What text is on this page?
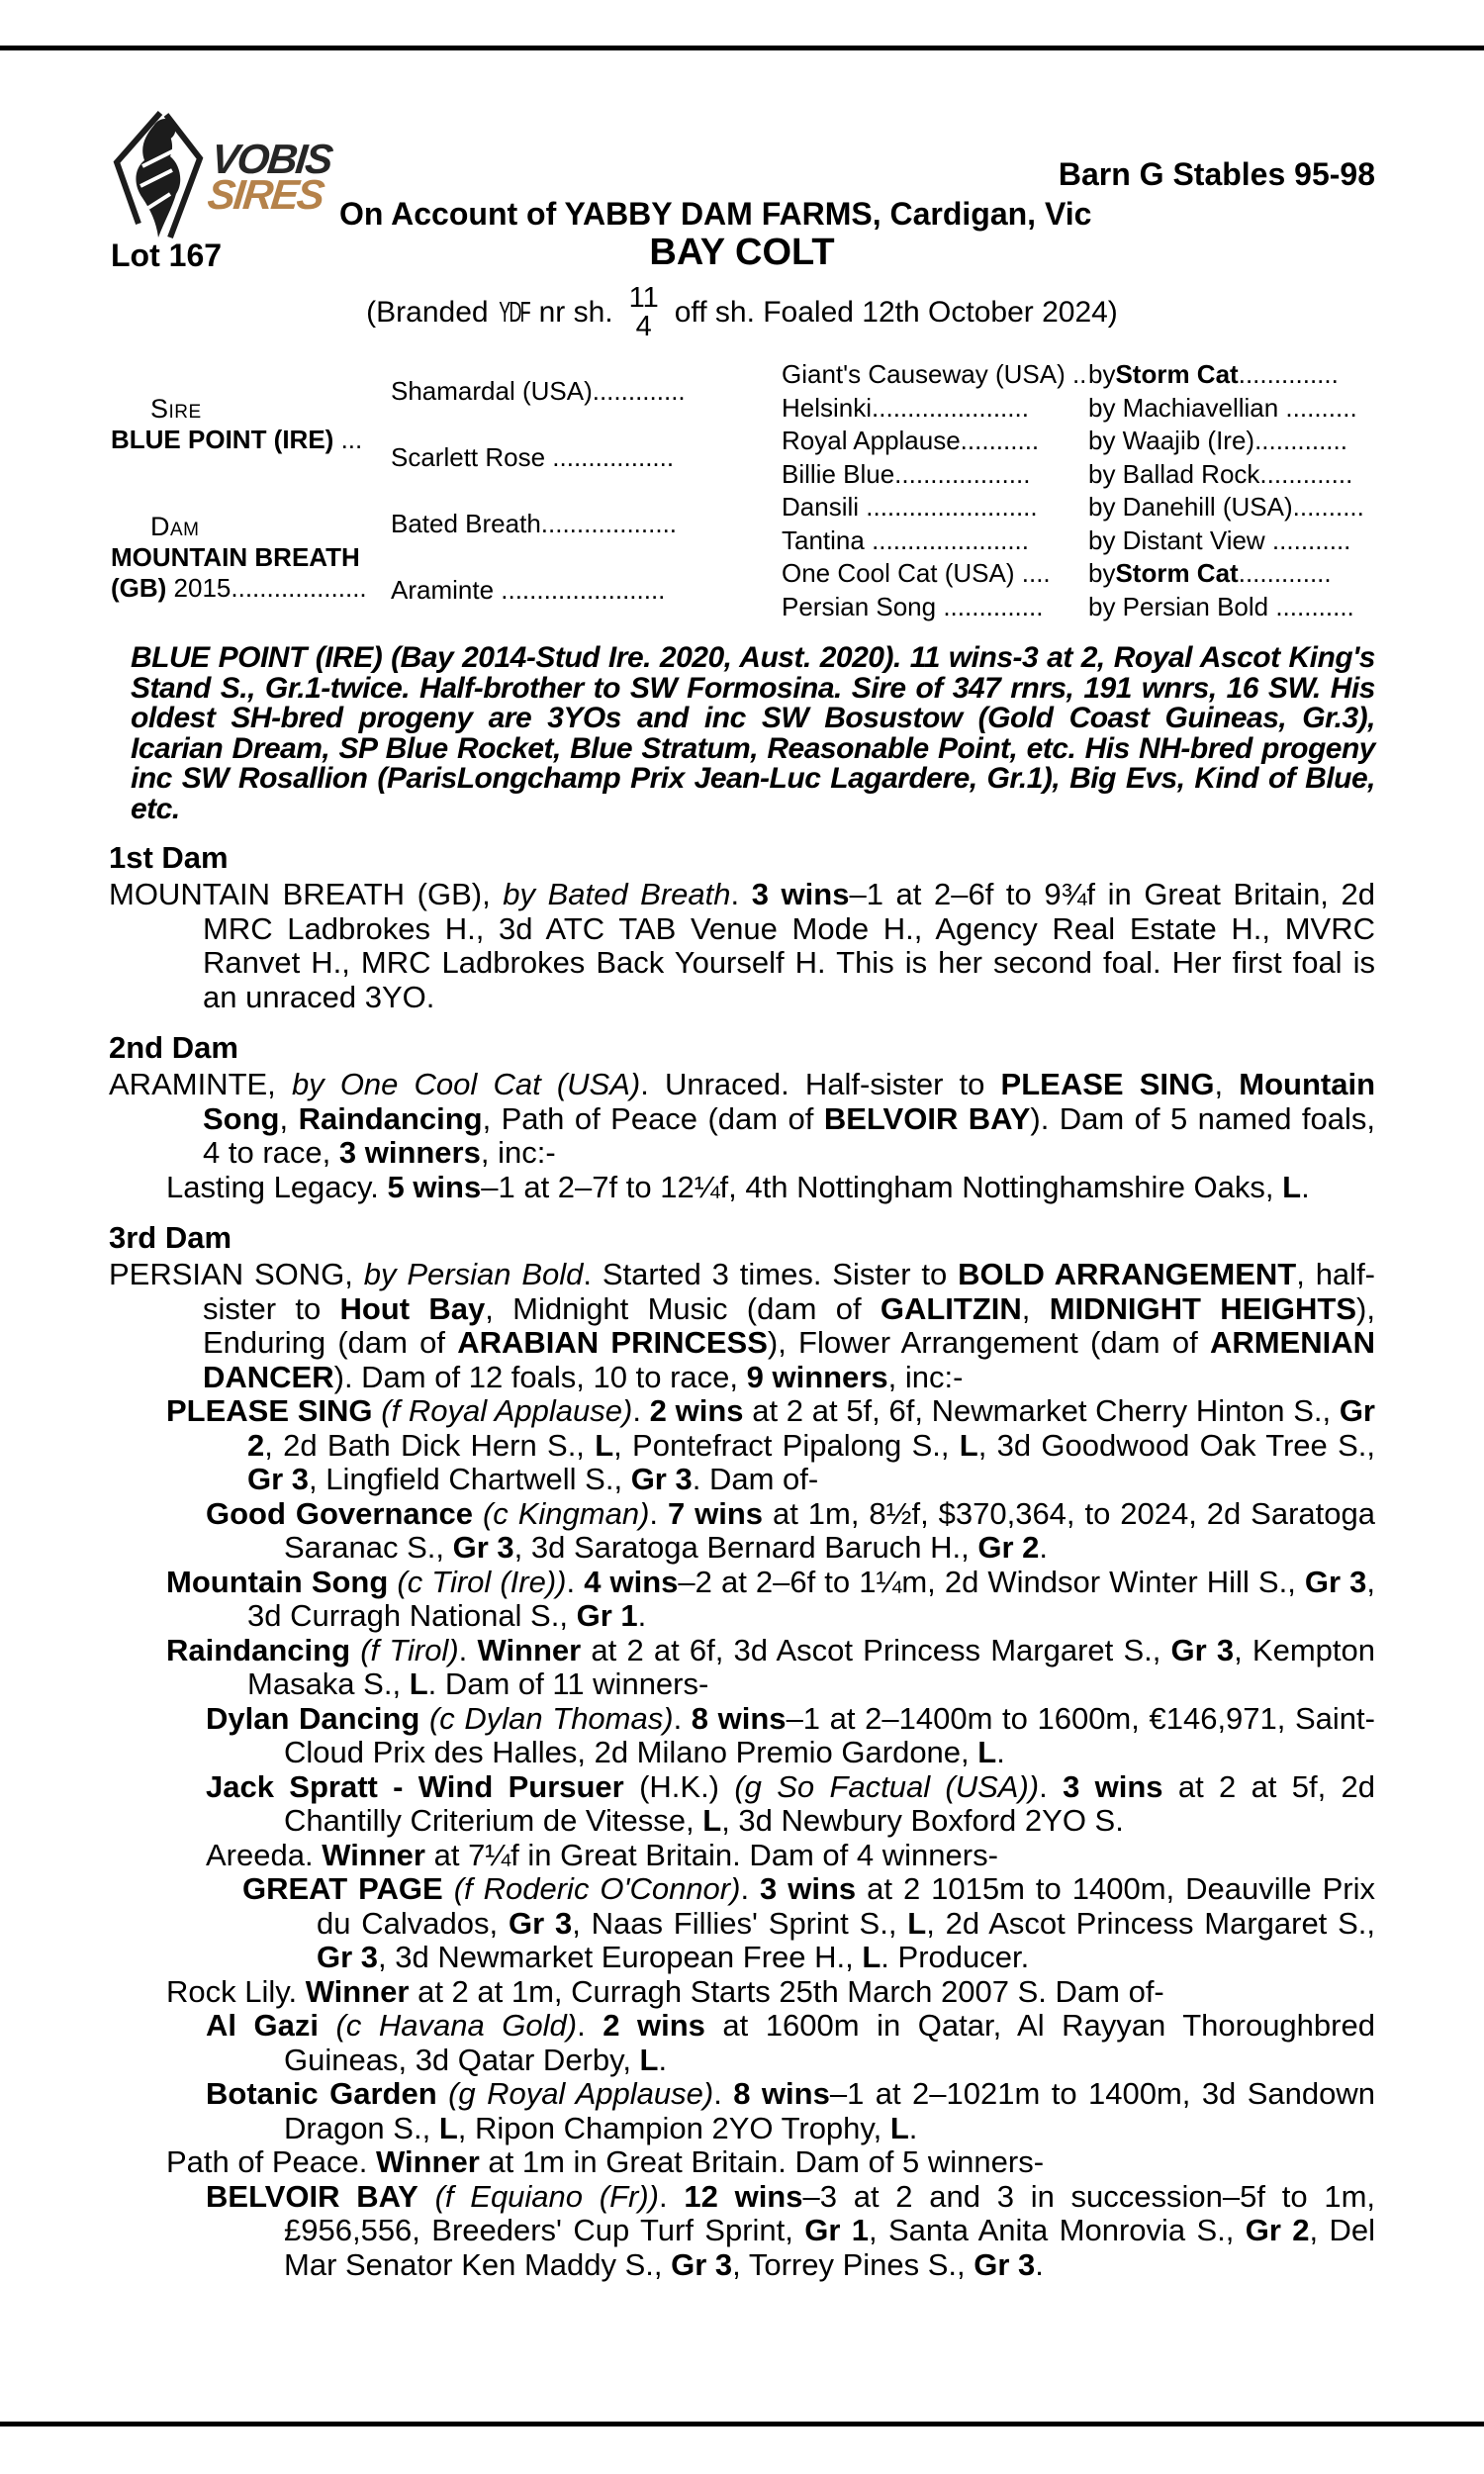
VOBIS
SIRES	Barn G Stables 95-98
On Account of YABBY DAM FARMS, Cardigan, Vic
Lot 167	BAY COLT
(Branded YDF nr sh. 11
4 off sh. Foaled 12th October 2024)
Sire
BLUE POINT (IRE) ...
Dam
MOUNTAIN BREATH (GB) 2015...................
Shamardal (USA).............
Scarlett Rose .................
Bated Breath...................
Araminte .......................
Giant's Causeway (USA) ..
Helsinki......................
Royal Applause...........
Billie Blue...................
Dansili ........................
Tantina ......................
One Cool Cat (USA) ....
Persian Song ..............
by Storm Cat ..............
by Machiavellian ..........
by Waajib (Ire).............
by Ballad Rock.............
by Danehill (USA)..........
by Distant View ...........
by Storm Cat .............
by Persian Bold ...........

BLUE POINT (IRE) (Bay 2014-Stud Ire. 2020, Aust. 2020). 11 wins-3 at 2, Royal Ascot King's Stand S., Gr.1-twice. Half-brother to SW Formosina. Sire of 347 rnrs, 191 wnrs, 16 SW. His oldest SH-bred progeny are 3YOs and inc SW Bosustow (Gold Coast Guineas, Gr.3), Icarian Dream, SP Blue Rocket, Blue Stratum, Reasonable Point, etc. His NH-bred progeny inc SW Rosallion (ParisLongchamp Prix Jean-Luc Lagardere, Gr.1), Big Evs, Kind of Blue, etc.

1st Dam

MOUNTAIN BREATH (GB), by Bated Breath. 3 wins–1 at 2–6f to 9¾f in Great Britain, 2d MRC Ladbrokes H., 3d ATC TAB Venue Mode H., Agency Real Estate H., MVRC Ranvet H., MRC Ladbrokes Back Yourself H. This is her second foal. Her first foal is an unraced 3YO.

2nd Dam

ARAMINTE, by One Cool Cat (USA). Unraced. Half-sister to PLEASE SING, Mountain Song, Raindancing, Path of Peace (dam of BELVOIR BAY). Dam of 5 named foals, 4 to race, 3 winners, inc:-

Lasting Legacy. 5 wins–1 at 2–7f to 12¼f, 4th Nottingham Nottinghamshire Oaks, L.

3rd Dam

PERSIAN SONG, by Persian Bold. Started 3 times. Sister to BOLD ARRANGEMENT, half-sister to Hout Bay, Midnight Music (dam of GALITZIN, MIDNIGHT HEIGHTS), Enduring (dam of ARABIAN PRINCESS), Flower Arrangement (dam of ARMENIAN DANCER). Dam of 12 foals, 10 to race, 9 winners, inc:-

PLEASE SING (f Royal Applause). 2 wins at 2 at 5f, 6f, Newmarket Cherry Hinton S., Gr 2, 2d Bath Dick Hern S., L, Pontefract Pipalong S., L, 3d Goodwood Oak Tree S., Gr 3, Lingfield Chartwell S., Gr 3. Dam of-

Good Governance (c Kingman). 7 wins at 1m, 8½f, $370,364, to 2024, 2d Saratoga Saranac S., Gr 3, 3d Saratoga Bernard Baruch H., Gr 2.

Mountain Song (c Tirol (Ire)). 4 wins–2 at 2–6f to 1¼m, 2d Windsor Winter Hill S., Gr 3, 3d Curragh National S., Gr 1.

Raindancing (f Tirol). Winner at 2 at 6f, 3d Ascot Princess Margaret S., Gr 3, Kempton Masaka S., L. Dam of 11 winners-

Dylan Dancing (c Dylan Thomas). 8 wins–1 at 2–1400m to 1600m, €146,971, Saint-Cloud Prix des Halles, 2d Milano Premio Gardone, L.

Jack Spratt - Wind Pursuer (H.K.) (g So Factual (USA)). 3 wins at 2 at 5f, 2d Chantilly Criterium de Vitesse, L, 3d Newbury Boxford 2YO S.

Areeda. Winner at 7¼f in Great Britain. Dam of 4 winners-

GREAT PAGE (f Roderic O'Connor). 3 wins at 2 1015m to 1400m, Deauville Prix du Calvados, Gr 3, Naas Fillies' Sprint S., L, 2d Ascot Princess Margaret S., Gr 3, 3d Newmarket European Free H., L. Producer.

Rock Lily. Winner at 2 at 1m, Curragh Starts 25th March 2007 S. Dam of-

Al Gazi (c Havana Gold). 2 wins at 1600m in Qatar, Al Rayyan Thoroughbred Guineas, 3d Qatar Derby, L.

Botanic Garden (g Royal Applause). 8 wins–1 at 2–1021m to 1400m, 3d Sandown Dragon S., L, Ripon Champion 2YO Trophy, L.

Path of Peace. Winner at 1m in Great Britain. Dam of 5 winners-

BELVOIR BAY (f Equiano (Fr)). 12 wins–3 at 2 and 3 in succession–5f to 1m, £956,556, Breeders' Cup Turf Sprint, Gr 1, Santa Anita Monrovia S., Gr 2, Del Mar Senator Ken Maddy S., Gr 3, Torrey Pines S., Gr 3.
